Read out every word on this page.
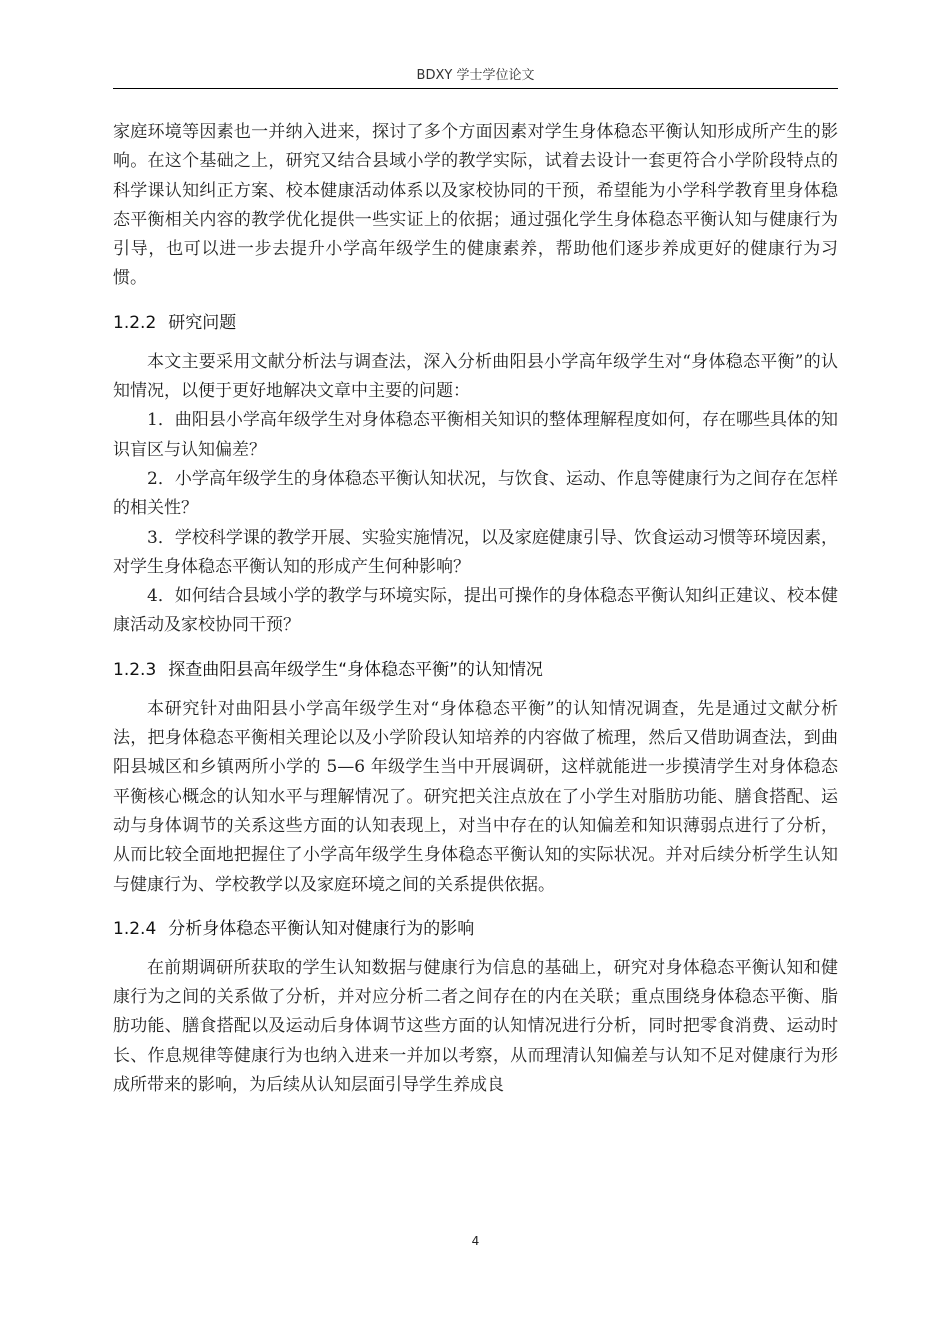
BDXY 学士学位论文

家庭环境等因素也一并纳入进来，探讨了多个方面因素对学生身体稳态平衡认知形成所产生的影响。在这个基础之上，研究又结合县域小学的教学实际，试着去设计一套更符合小学阶段特点的科学课认知纠正方案、校本健康活动体系以及家校协同的干预，希望能为小学科学教育里身体稳态平衡相关内容的教学优化提供一些实证上的依据；通过强化学生身体稳态平衡认知与健康行为引导，也可以进一步去提升小学高年级学生的健康素养，帮助他们逐步养成更好的健康行为习惯。

1.2.2 研究问题

本文主要采用文献分析法与调查法，深入分析曲阳县小学高年级学生对“身体稳态平衡”的认知情况，以便于更好地解决文章中主要的问题：

1．曲阳县小学高年级学生对身体稳态平衡相关知识的整体理解程度如何，存在哪些具体的知识盲区与认知偏差？

2．小学高年级学生的身体稳态平衡认知状况，与饮食、运动、作息等健康行为之间存在怎样的相关性？

3．学校科学课的教学开展、实验实施情况，以及家庭健康引导、饮食运动习惯等环境因素，对学生身体稳态平衡认知的形成产生何种影响？

4．如何结合县域小学的教学与环境实际，提出可操作的身体稳态平衡认知纠正建议、校本健康活动及家校协同干预？

1.2.3 探查曲阳县高年级学生“身体稳态平衡”的认知情况

本研究针对曲阳县小学高年级学生对“身体稳态平衡”的认知情况调查，先是通过文献分析法，把身体稳态平衡相关理论以及小学阶段认知培养的内容做了梳理，然后又借助调查法，到曲阳县城区和乡镇两所小学的 5—6 年级学生当中开展调研，这样就能进一步摸清学生对身体稳态平衡核心概念的认知水平与理解情况了。研究把关注点放在了小学生对脂肪功能、膳食搭配、运动与身体调节的关系这些方面的认知表现上，对当中存在的认知偏差和知识薄弱点进行了分析，从而比较全面地把握住了小学高年级学生身体稳态平衡认知的实际状况。并对后续分析学生认知与健康行为、学校教学以及家庭环境之间的关系提供依据。

1.2.4 分析身体稳态平衡认知对健康行为的影响

在前期调研所获取的学生认知数据与健康行为信息的基础上，研究对身体稳态平衡认知和健康行为之间的关系做了分析，并对应分析二者之间存在的内在关联；重点围绕身体稳态平衡、脂肪功能、膳食搭配以及运动后身体调节这些方面的认知情况进行分析，同时把零食消费、运动时长、作息规律等健康行为也纳入进来一并加以考察，从而理清认知偏差与认知不足对健康行为形成所带来的影响，为后续从认知层面引导学生养成良

4
